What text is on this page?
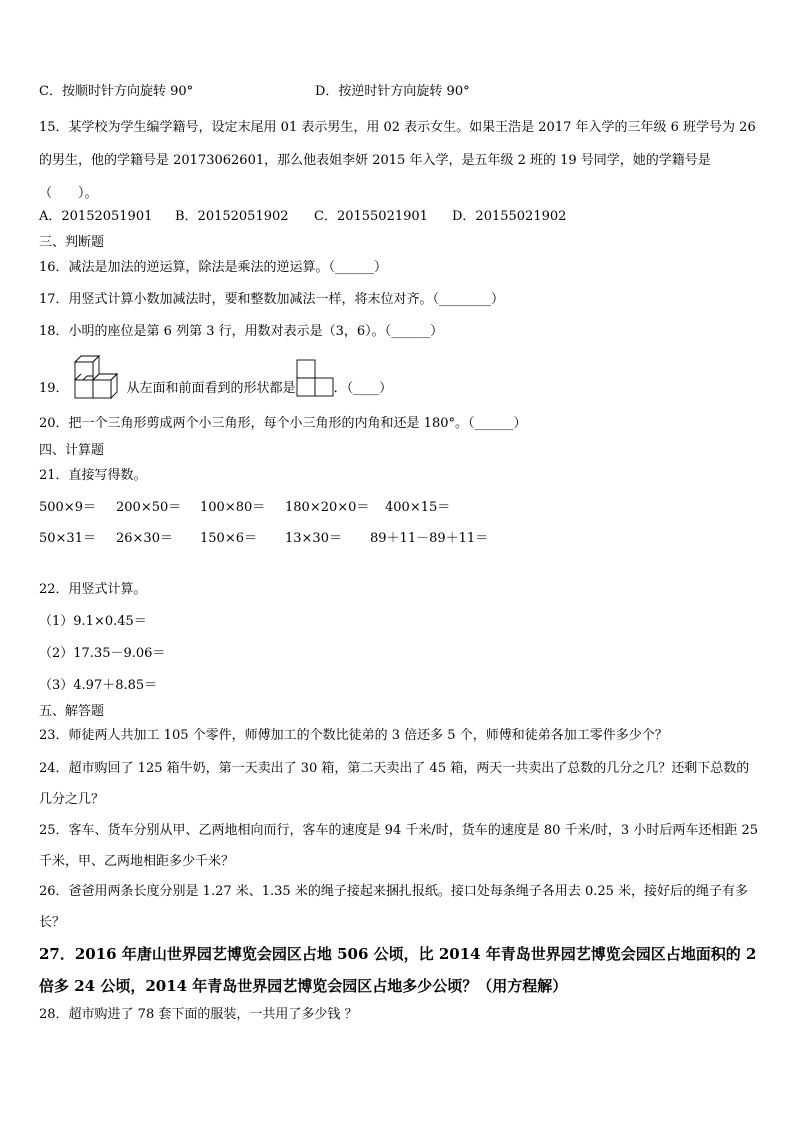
C．按顺时针方向旋转 90°	D．按逆时针方向旋转 90°
15．某学校为学生编学籍号，设定末尾用 01 表示男生，用 02 表示女生。如果王浩是 2017 年入学的三年级 6 班学号为 26 的男生，他的学籍号是 20173062601，那么他表姐李妍 2015 年入学，是五年级 2 班的 19 号同学，她的学籍号是（　　）。
A．20152051901 B．20152051902 C．20155021901 D．20155021902
三、判断题
16．减法是加法的逆运算，除法是乘法的逆运算。（______）
17．用竖式计算小数加减法时，要和整数加减法一样，将末位对齐。（________）
18．小明的座位是第 6 列第 3 行，用数对表示是（3，6）。（______）
19．	从左面和前面看到的形状都是	．（____）
20．把一个三角形剪成两个小三角形，每个小三角形的内角和还是 180°。（______）
四、计算题
21．直接写得数。
500×9＝ 200×50＝ 100×80＝ 180×20×0＝ 400×15＝
50×31＝ 26×30＝ 150×6＝ 13×30＝ 89＋11－89＋11＝
22．用竖式计算。
（1）9.1×0.45＝
（2）17.35－9.06＝
（3）4.97＋8.85＝
五、解答题
23．师徒两人共加工 105 个零件，师傅加工的个数比徒弟的 3 倍还多 5 个，师傅和徒弟各加工零件多少个？
24．超市购回了 125 箱牛奶，第一天卖出了 30 箱，第二天卖出了 45 箱，两天一共卖出了总数的几分之几？还剩下总数的几分之几？
25．客车、货车分别从甲、乙两地相向而行，客车的速度是 94 千米/时，货车的速度是 80 千米/时，3 小时后两车还相距 25 千米，甲、乙两地相距多少千米？
26．爸爸用两条长度分别是 1.27 米、1.35 米的绳子接起来捆扎报纸。接口处每条绳子各用去 0.25 米，接好后的绳子有多长？
27．2016 年唐山世界园艺博览会园区占地 506 公顷，比 2014 年青岛世界园艺博览会园区占地面积的 2 倍多 24 公顷，2014 年青岛世界园艺博览会园区占地多少公顷？（用方程解）
28．超市购进了 78 套下面的服装，一共用了多少钱 ？
